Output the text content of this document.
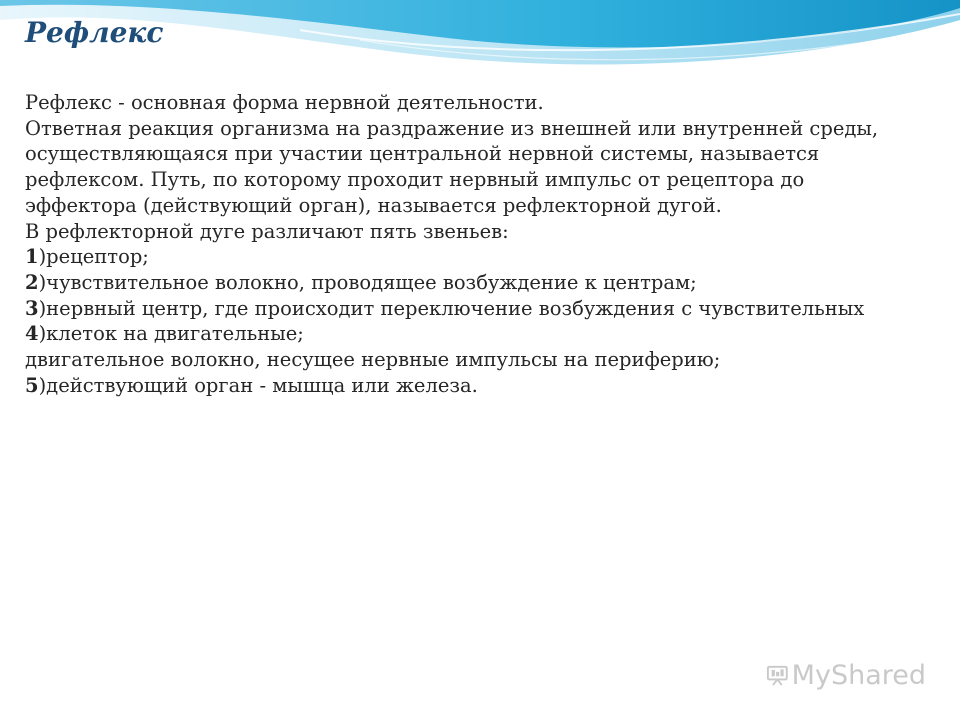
Рефлекс
Рефлекс - основная форма нервной деятельности.
Ответная реакция организма на раздражение из внешней или внутренней среды,
осуществляющаяся при участии центральной нервной системы, называется
рефлексом. Путь, по которому проходит нервный импульс от рецептора до
эффектора (действующий орган), называется рефлекторной дугой.
В рефлекторной дуге различают пять звеньев:
1)рецептор;
2)чувствительное волокно, проводящее возбуждение к центрам;
3)нервный центр, где происходит переключение возбуждения с чувствительных
4)клеток на двигательные;
двигательное волокно, несущее нервные импульсы на периферию;
5)действующий орган - мышца или железа.
MyShared
